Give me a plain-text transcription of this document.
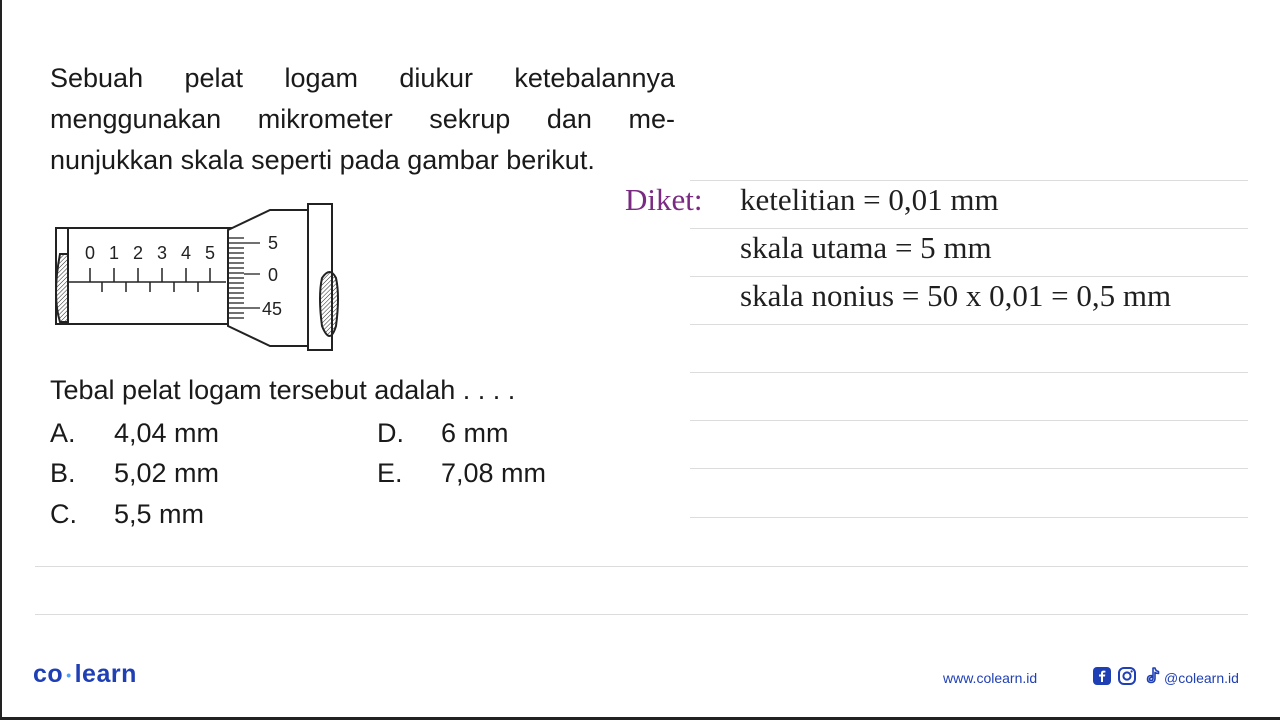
Sebuah pelat logam diukur ketebalannya
menggunakan mikrometer sekrup dan me-
nunjukkan skala seperti pada gambar berikut.
0 1 2 3 4 5	5
0
45
Tebal pelat logam tersebut adalah . . . .
A.	4,04 mm
B.	5,02 mm
C.	5,5 mm
D.	6 mm
E.	7,08 mm
Diket: ketelitian = 0,01 mm
skala utama = 5 mm
skala nonius = 50 x 0,01 = 0,5 mm
co • learn	www.colearn.id	@colearn.id
